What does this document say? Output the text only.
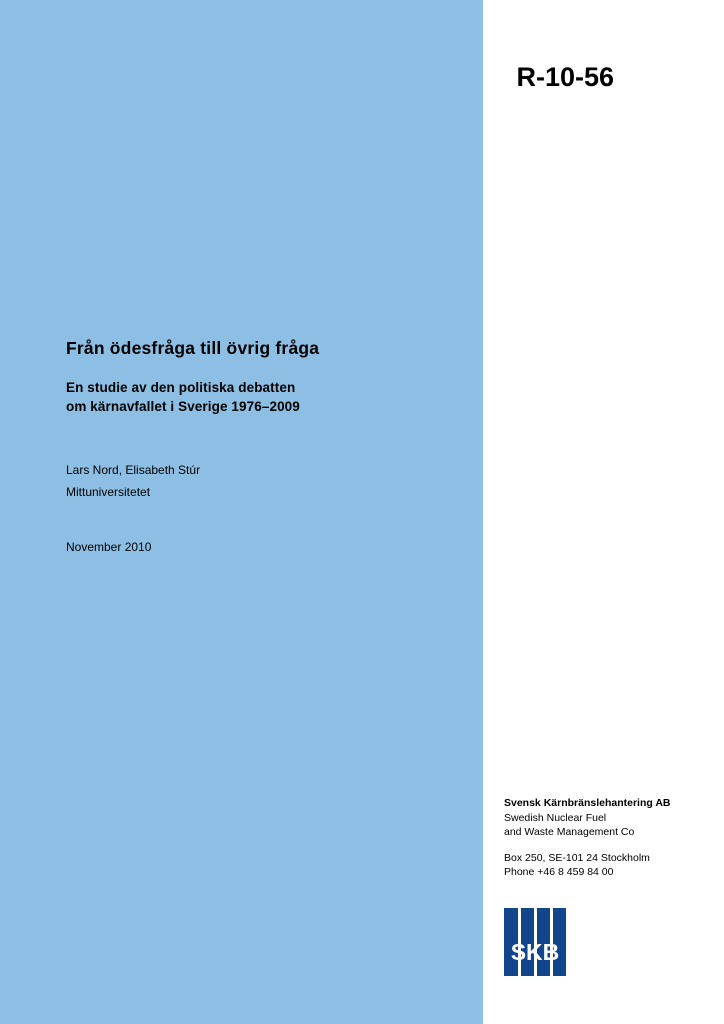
R-10-56
Från ödesfråga till övrig fråga
En studie av den politiska debatten
om kärnavfallet i Sverige 1976–2009
Lars Nord, Elisabeth Stúr
Mittuniversitetet
November 2010
Svensk Kärnbränslehantering AB
Swedish Nuclear Fuel
and Waste Management Co
Box 250, SE-101 24 Stockholm
Phone +46 8 459 84 00
SKB
